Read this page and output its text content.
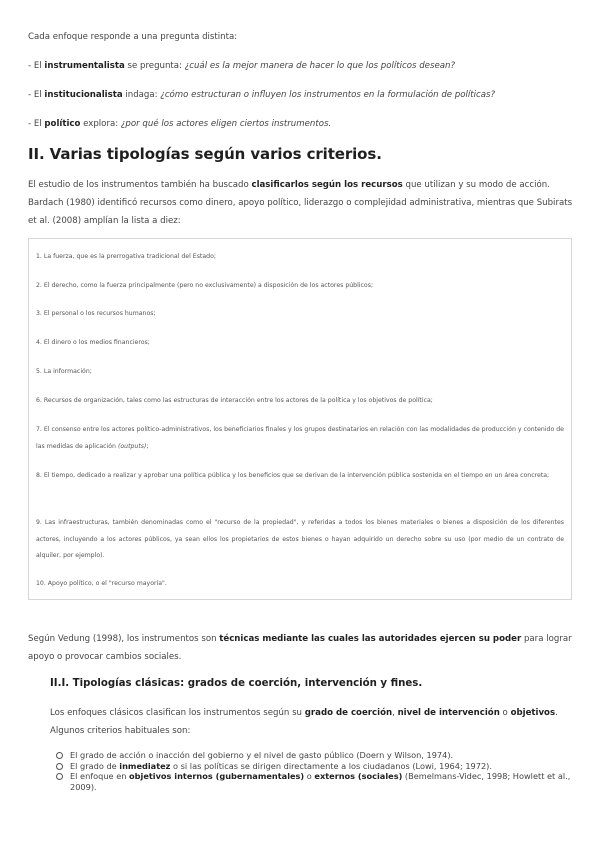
Cada enfoque responde a una pregunta distinta:

- El instrumentalista se pregunta: ¿cuál es la mejor manera de hacer lo que los políticos desean?

- El institucionalista indaga: ¿cómo estructuran o influyen los instrumentos en la formulación de políticas?

- El político explora: ¿por qué los actores eligen ciertos instrumentos.

II. Varias tipologías según varios criterios.

El estudio de los instrumentos también ha buscado clasificarlos según los recursos que utilizan y su modo de acción. Bardach (1980) identificó recursos como dinero, apoyo político, liderazgo o complejidad administrativa, mientras que Subirats et al. (2008) amplían la lista a diez:

1. La fuerza, que es la prerrogativa tradicional del Estado;

2. El derecho, como la fuerza principalmente (pero no exclusivamente) a disposición de los actores públicos;

3. El personal o los recursos humanos;

4. El dinero o los medios financieros;

5. La información;

6. Recursos de organización, tales como las estructuras de interacción entre los actores de la política y los objetivos de política;

7. El consenso entre los actores político-administrativos, los beneficiarios finales y los grupos destinatarios en relación con las modalidades de producción y contenido de las medidas de aplicación (outputs);

8. El tiempo, dedicado a realizar y aprobar una política pública y los beneficios que se derivan de la intervención pública sostenida en el tiempo en un área concreta;

9. Las infraestructuras, también denominadas como el "recurso de la propiedad", y referidas a todos los bienes materiales o bienes a disposición de los diferentes actores, incluyendo a los actores públicos, ya sean ellos los propietarios de estos bienes o hayan adquirido un derecho sobre su uso (por medio de un contrato de alquiler, por ejemplo).

10. Apoyo político, o el "recurso mayoría".

Según Vedung (1998), los instrumentos son técnicas mediante las cuales las autoridades ejercen su poder para lograr apoyo o provocar cambios sociales.

II.I. Tipologías clásicas: grados de coerción, intervención y fines.

Los enfoques clásicos clasifican los instrumentos según su grado de coerción, nivel de intervención o objetivos. Algunos criterios habituales son:

El grado de acción o inacción del gobierno y el nivel de gasto público (Doern y Wilson, 1974).
El grado de inmediatez o si las políticas se dirigen directamente a los ciudadanos (Lowi, 1964; 1972).
El enfoque en objetivos internos (gubernamentales) o externos (sociales) (Bemelmans-Videc, 1998; Howlett et al., 2009).
